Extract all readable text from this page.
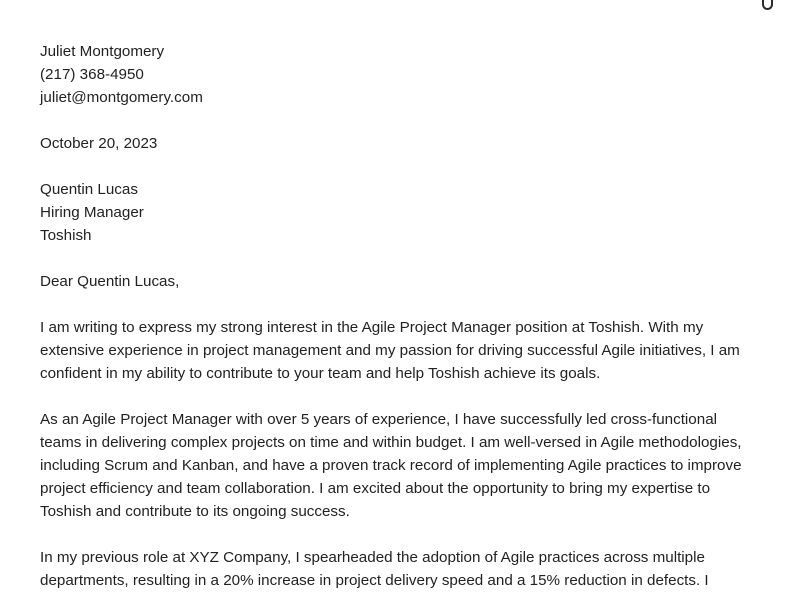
Juliet Montgomery
(217) 368-4950
juliet@montgomery.com
October 20, 2023
Quentin Lucas
Hiring Manager
Toshish
Dear Quentin Lucas,

I am writing to express my strong interest in the Agile Project Manager position at Toshish. With my
extensive experience in project management and my passion for driving successful Agile initiatives, I am
confident in my ability to contribute to your team and help Toshish achieve its goals.

As an Agile Project Manager with over 5 years of experience, I have successfully led cross-functional
teams in delivering complex projects on time and within budget. I am well-versed in Agile methodologies,
including Scrum and Kanban, and have a proven track record of implementing Agile practices to improve
project efficiency and team collaboration. I am excited about the opportunity to bring my expertise to
Toshish and contribute to its ongoing success.

In my previous role at XYZ Company, I spearheaded the adoption of Agile practices across multiple
departments, resulting in a 20% increase in project delivery speed and a 15% reduction in defects. I
